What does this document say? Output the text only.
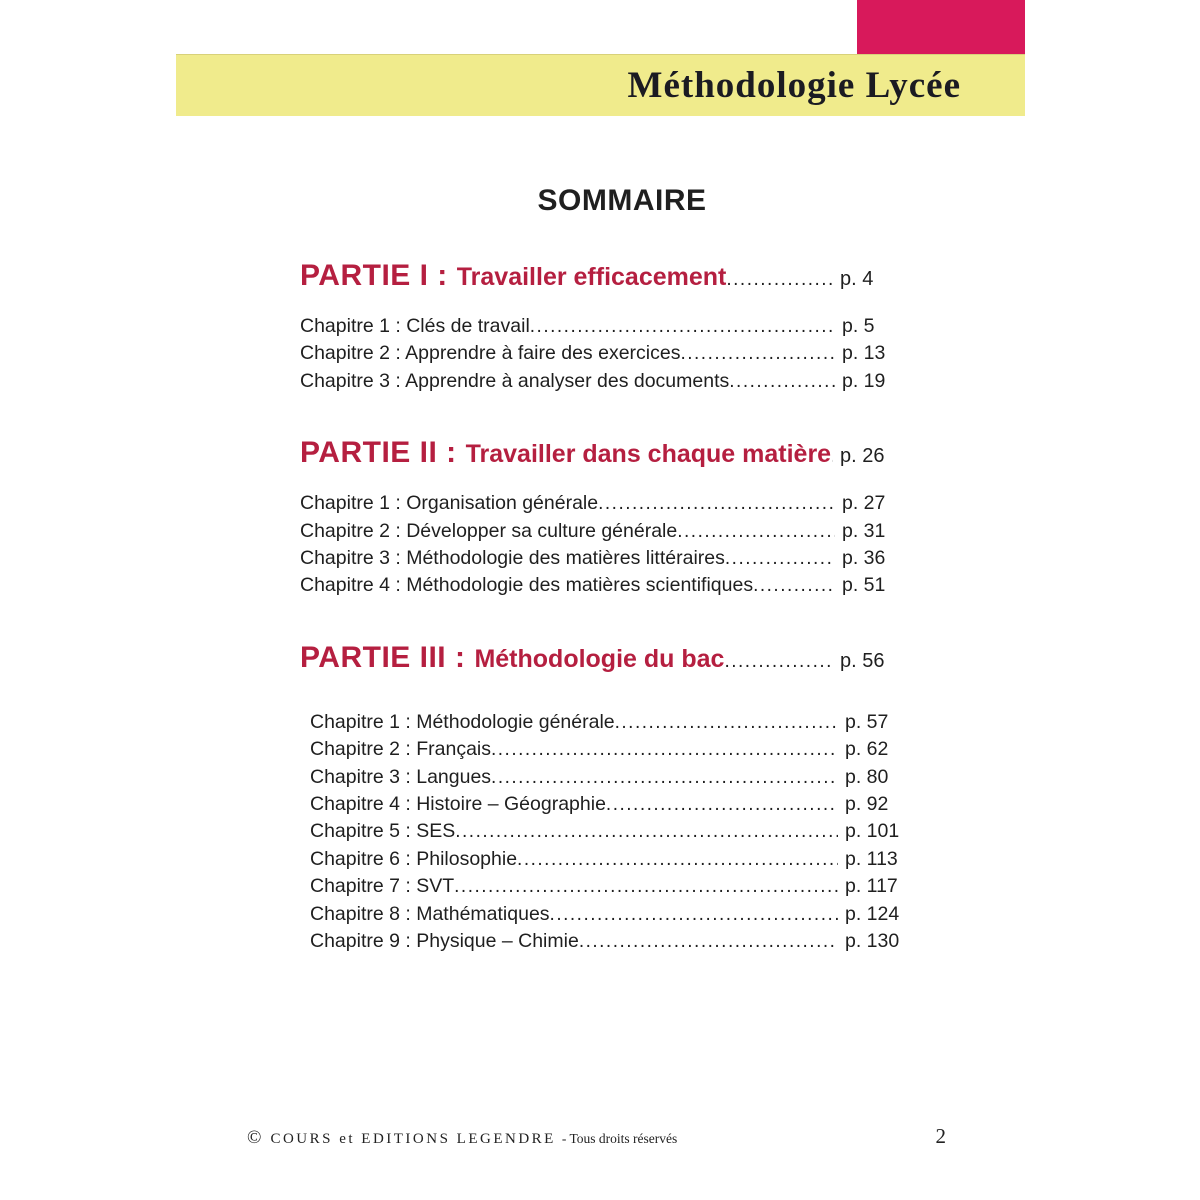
Méthodologie Lycée
SOMMAIRE
PARTIE I : Travailler efficacement .....	p. 4
Chapitre 1 : Clés de travail .....	p. 5
Chapitre 2 : Apprendre à faire des exercices .....	p. 13
Chapitre 3 : Apprendre à analyser des documents .....	p. 19
PARTIE II : Travailler dans chaque matière ..... p. 26
Chapitre 1 : Organisation générale .....	p. 27
Chapitre 2 : Développer sa culture générale .....	p. 31
Chapitre 3 : Méthodologie des matières littéraires .....	p. 36
Chapitre 4 : Méthodologie des matières scientifiques .....	p. 51
PARTIE III : Méthodologie du bac .....	p. 56
Chapitre 1 : Méthodologie générale .....	p. 57
Chapitre 2 : Français .....	p. 62
Chapitre 3 : Langues .....	p. 80
Chapitre 4 : Histoire – Géographie .....	p. 92
Chapitre 5 : SES .....	p. 101
Chapitre 6 : Philosophie .....	p. 113
Chapitre 7 : SVT .....	p. 117
Chapitre 8 : Mathématiques .....	p. 124
Chapitre 9 : Physique – Chimie .....	p. 130
© COURS et EDITIONS LEGENDRE - Tous droits réservés	2
